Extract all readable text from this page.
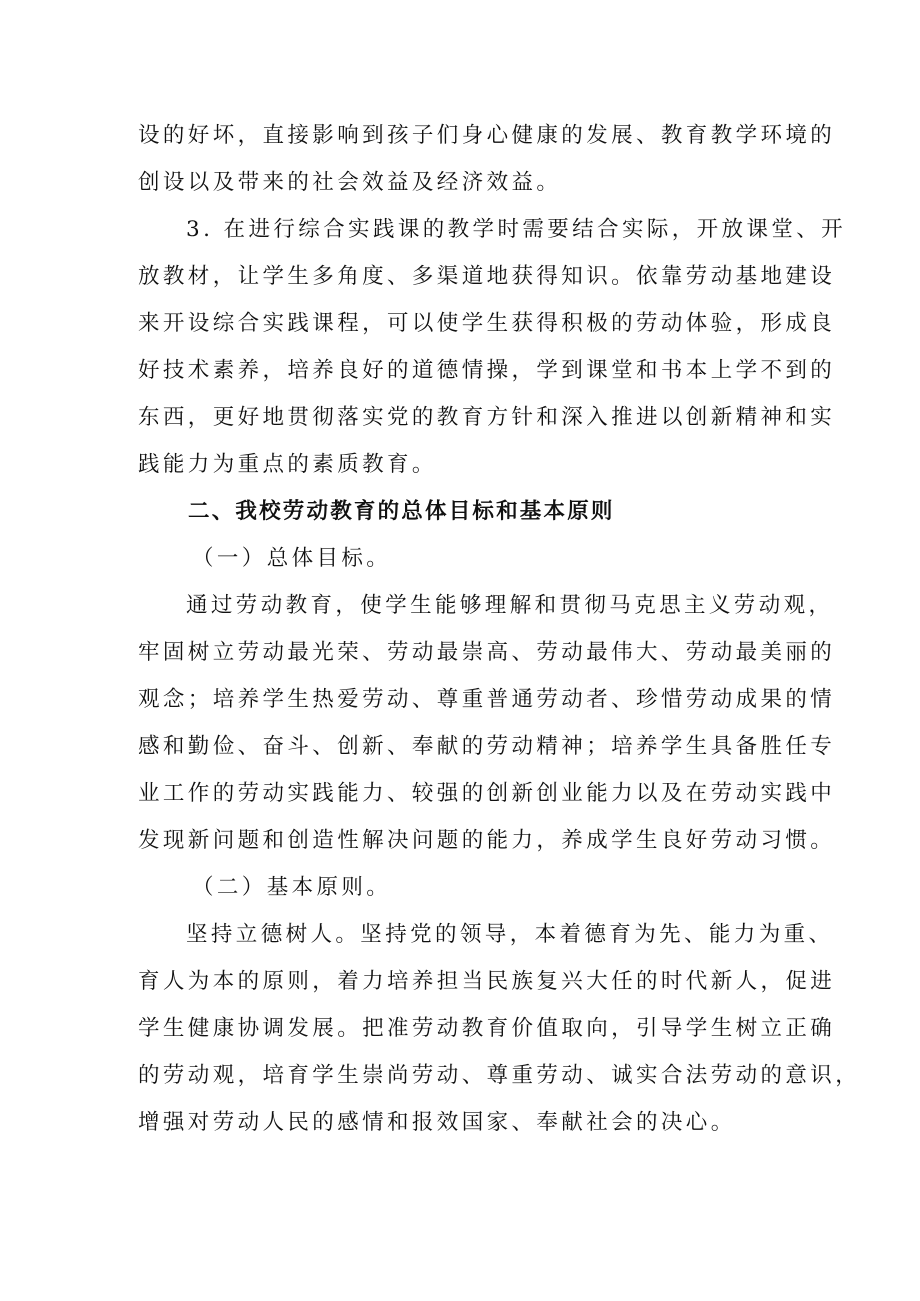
设的好坏，直接影响到孩子们身心健康的发展、教育教学环境的
创设以及带来的社会效益及经济效益。
3. 在进行综合实践课的教学时需要结合实际，开放课堂、开
放教材，让学生多角度、多渠道地获得知识。依靠劳动基地建设
来开设综合实践课程，可以使学生获得积极的劳动体验，形成良
好技术素养，培养良好的道德情操，学到课堂和书本上学不到的
东西，更好地贯彻落实党的教育方针和深入推进以创新精神和实
践能力为重点的素质教育。
二、我校劳动教育的总体目标和基本原则
（一）总体目标。
通过劳动教育，使学生能够理解和贯彻马克思主义劳动观，
牢固树立劳动最光荣、劳动最崇高、劳动最伟大、劳动最美丽的
观念；培养学生热爱劳动、尊重普通劳动者、珍惜劳动成果的情
感和勤俭、奋斗、创新、奉献的劳动精神；培养学生具备胜任专
业工作的劳动实践能力、较强的创新创业能力以及在劳动实践中
发现新问题和创造性解决问题的能力，养成学生良好劳动习惯。
（二）基本原则。
坚持立德树人。坚持党的领导，本着德育为先、能力为重、
育人为本的原则，着力培养担当民族复兴大任的时代新人，促进
学生健康协调发展。把准劳动教育价值取向，引导学生树立正确
的劳动观，培育学生崇尚劳动、尊重劳动、诚实合法劳动的意识，
增强对劳动人民的感情和报效国家、奉献社会的决心。
